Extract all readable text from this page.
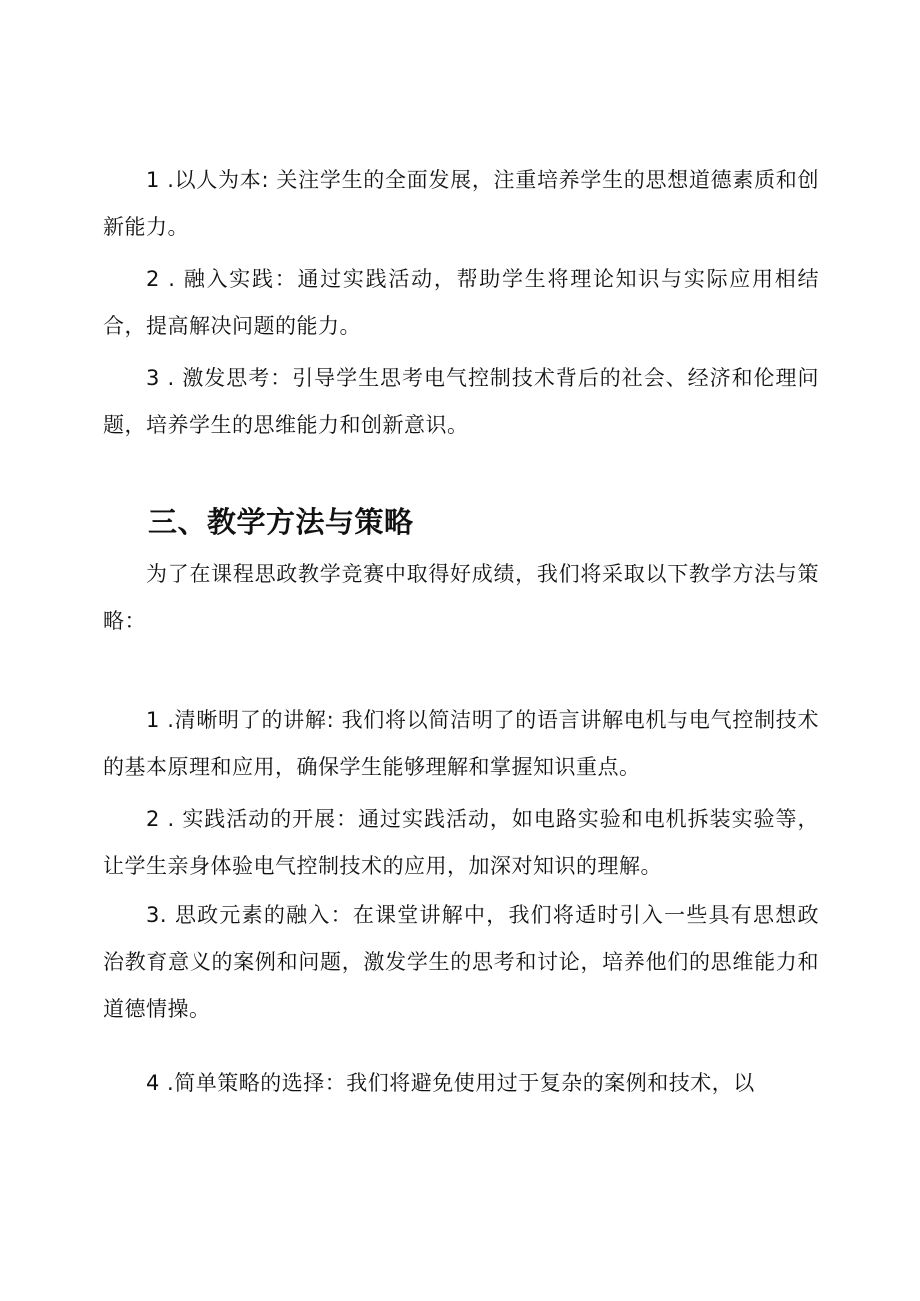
1 .以人为本: 关注学生的全面发展，注重培养学生的思想道德素质和创新能力。

2 . 融入实践：通过实践活动，帮助学生将理论知识与实际应用相结合，提高解决问题的能力。

3 . 激发思考：引导学生思考电气控制技术背后的社会、经济和伦理问题，培养学生的思维能力和创新意识。

三、教学方法与策略

为了在课程思政教学竞赛中取得好成绩，我们将采取以下教学方法与策略：

1 .清晰明了的讲解: 我们将以简洁明了的语言讲解电机与电气控制技术的基本原理和应用，确保学生能够理解和掌握知识重点。

2 . 实践活动的开展：通过实践活动，如电路实验和电机拆装实验等，让学生亲身体验电气控制技术的应用，加深对知识的理解。

3. 思政元素的融入：在课堂讲解中，我们将适时引入一些具有思想政治教育意义的案例和问题，激发学生的思考和讨论，培养他们的思维能力和道德情操。

4 .简单策略的选择：我们将避免使用过于复杂的案例和技术，以
